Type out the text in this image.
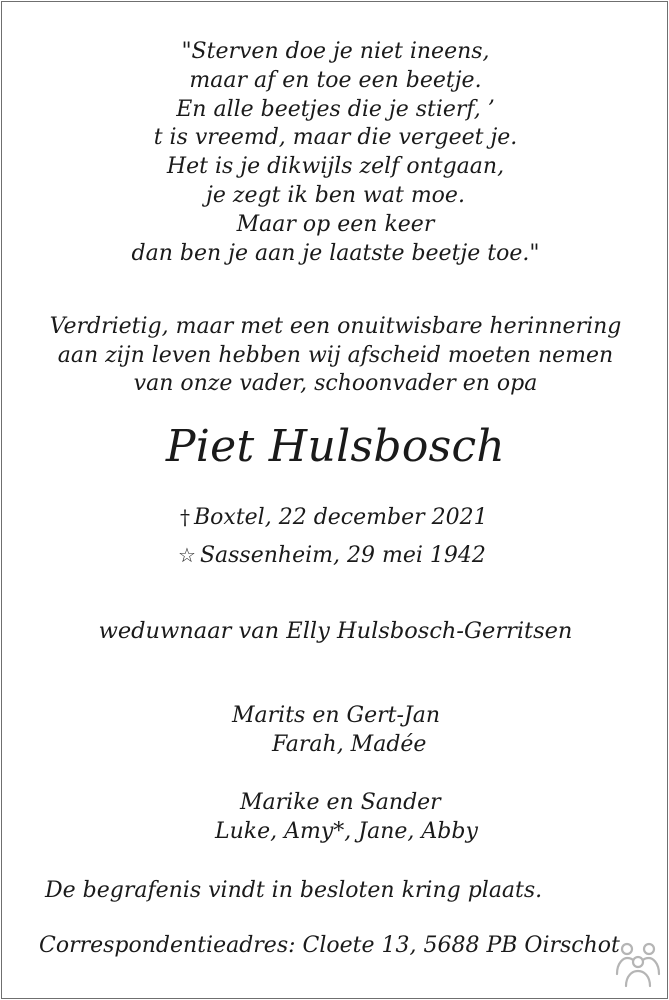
"Sterven doe je niet ineens,
maar af en toe een beetje.
En alle beetjes die je stierf, ’
t is vreemd, maar die vergeet je.
Het is je dikwijls zelf ontgaan,
je zegt ik ben wat moe.
Maar op een keer
dan ben je aan je laatste beetje toe."
Verdrietig, maar met een onuitwisbare herinnering
aan zijn leven hebben wij afscheid moeten nemen
van onze vader, schoonvader en opa
Piet Hulsbosch
† Boxtel, 22 december 2021
☆ Sassenheim, 29 mei 1942
weduwnaar van Elly Hulsbosch-Gerritsen
Marits en Gert-Jan
Farah, Madée
Marike en Sander
Luke, Amy*, Jane, Abby
De begrafenis vindt in besloten kring plaats.
Correspondentieadres: Cloete 13, 5688 PB Oirschot
